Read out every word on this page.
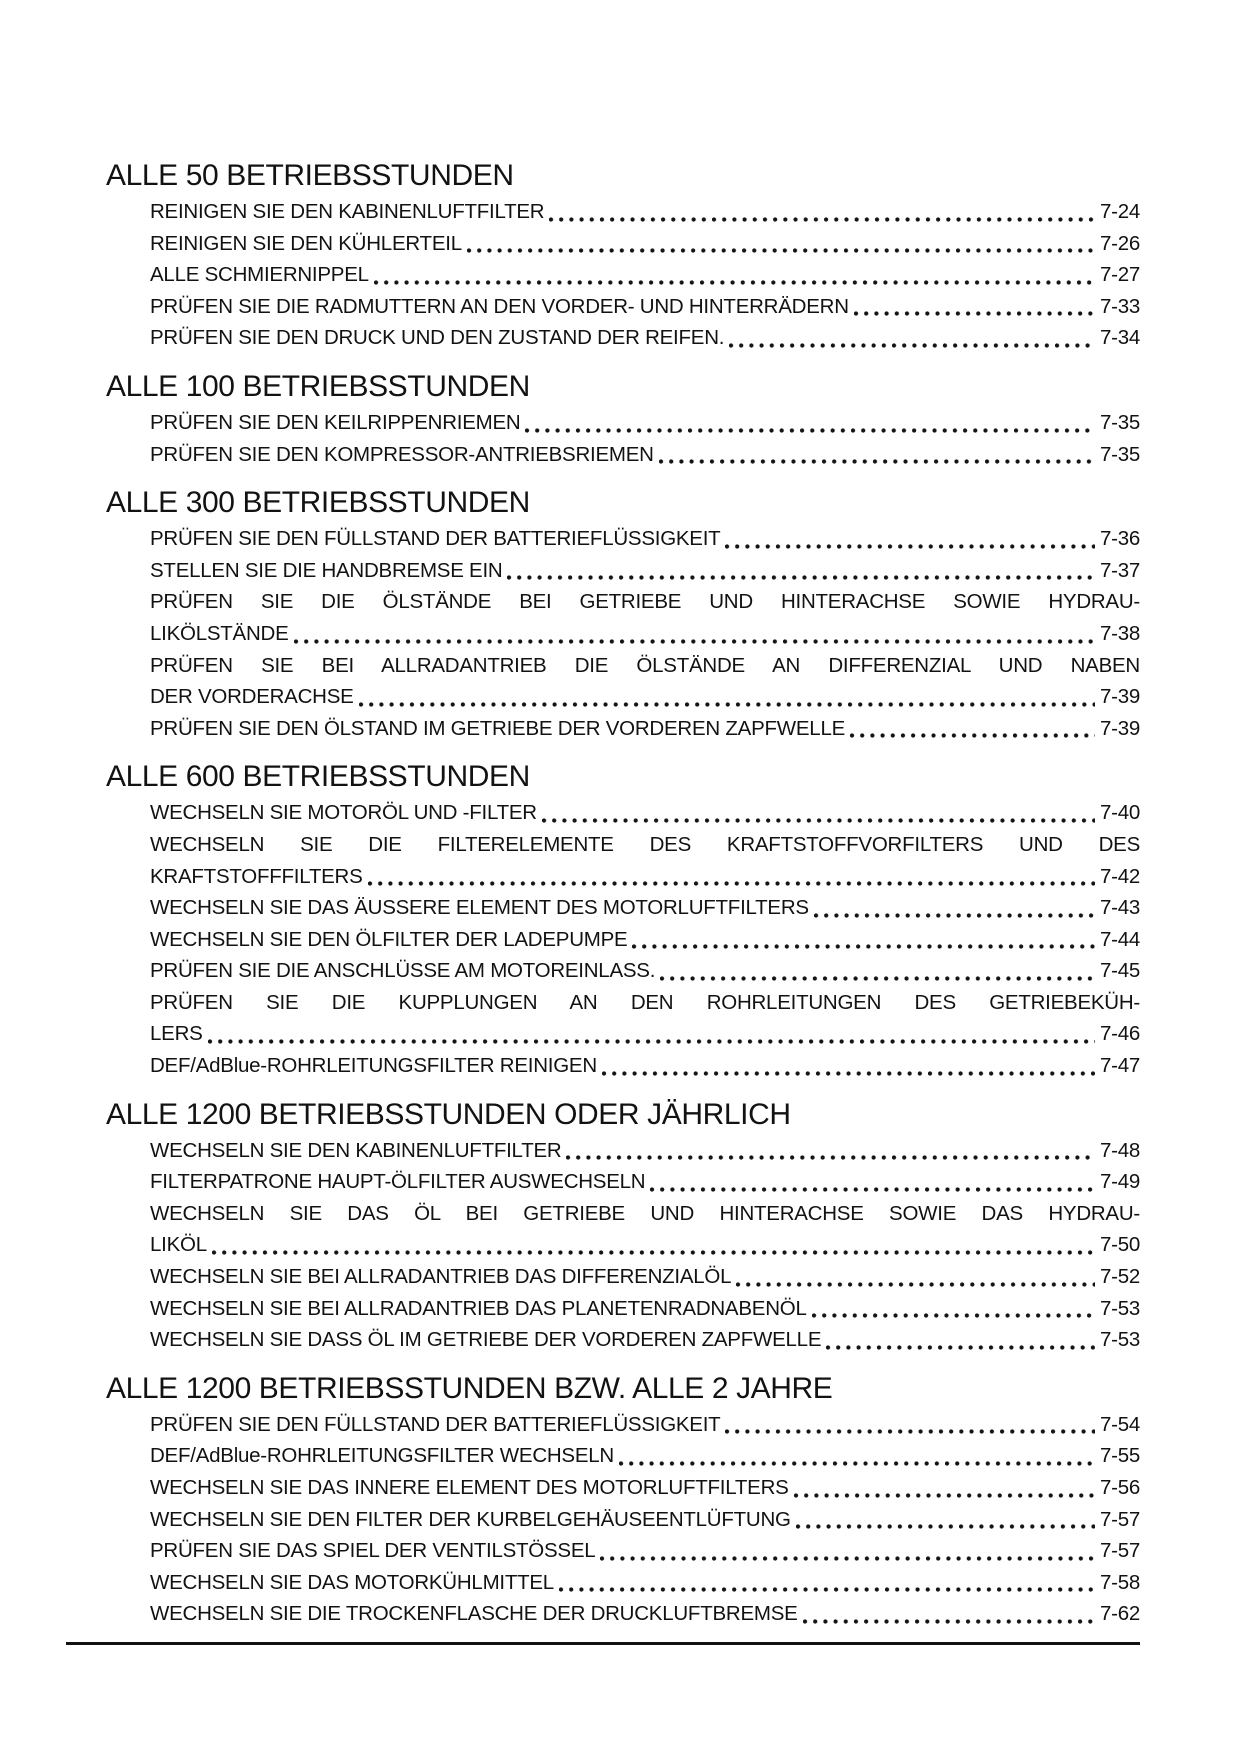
ALLE 50 BETRIEBSSTUNDEN
REINIGEN SIE DEN KABINENLUFTFILTER	7-24
REINIGEN SIE DEN KÜHLERTEIL	7-26
ALLE SCHMIERNIPPEL	7-27
PRÜFEN SIE DIE RADMUTTERN AN DEN VORDER- UND HINTERRÄDERN	7-33
PRÜFEN SIE DEN DRUCK UND DEN ZUSTAND DER REIFEN.	7-34
ALLE 100 BETRIEBSSTUNDEN
PRÜFEN SIE DEN KEILRIPPENRIEMEN	7-35
PRÜFEN SIE DEN KOMPRESSOR-ANTRIEBSRIEMEN	7-35
ALLE 300 BETRIEBSSTUNDEN
PRÜFEN SIE DEN FÜLLSTAND DER BATTERIEFLÜSSIGKEIT	7-36
STELLEN SIE DIE HANDBREMSE EIN	7-37
PRÜFEN SIE DIE ÖLSTÄNDE BEI GETRIEBE UND HINTERACHSE SOWIE HYDRAU-
LIKÖLSTÄNDE	7-38
PRÜFEN SIE BEI ALLRADANTRIEB DIE ÖLSTÄNDE AN DIFFERENZIAL UND NABEN
DER VORDERACHSE	7-39
PRÜFEN SIE DEN ÖLSTAND IM GETRIEBE DER VORDEREN ZAPFWELLE	7-39
ALLE 600 BETRIEBSSTUNDEN
WECHSELN SIE MOTORÖL UND -FILTER	7-40
WECHSELN SIE DIE FILTERELEMENTE DES KRAFTSTOFFVORFILTERS UND DES
KRAFTSTOFFFILTERS	7-42
WECHSELN SIE DAS ÄUSSERE ELEMENT DES MOTORLUFTFILTERS	7-43
WECHSELN SIE DEN ÖLFILTER DER LADEPUMPE	7-44
PRÜFEN SIE DIE ANSCHLÜSSE AM MOTOREINLASS.	7-45
PRÜFEN SIE DIE KUPPLUNGEN AN DEN ROHRLEITUNGEN DES GETRIEBEKÜH-
LERS	7-46
DEF/AdBlue-ROHRLEITUNGSFILTER REINIGEN	7-47
ALLE 1200 BETRIEBSSTUNDEN ODER JÄHRLICH
WECHSELN SIE DEN KABINENLUFTFILTER	7-48
FILTERPATRONE HAUPT-ÖLFILTER AUSWECHSELN	7-49
WECHSELN SIE DAS ÖL BEI GETRIEBE UND HINTERACHSE SOWIE DAS HYDRAU-
LIKÖL	7-50
WECHSELN SIE BEI ALLRADANTRIEB DAS DIFFERENZIALÖL	7-52
WECHSELN SIE BEI ALLRADANTRIEB DAS PLANETENRADNABENÖL	7-53
WECHSELN SIE DASS ÖL IM GETRIEBE DER VORDEREN ZAPFWELLE	7-53
ALLE 1200 BETRIEBSSTUNDEN BZW. ALLE 2 JAHRE
PRÜFEN SIE DEN FÜLLSTAND DER BATTERIEFLÜSSIGKEIT	7-54
DEF/AdBlue-ROHRLEITUNGSFILTER WECHSELN	7-55
WECHSELN SIE DAS INNERE ELEMENT DES MOTORLUFTFILTERS	7-56
WECHSELN SIE DEN FILTER DER KURBELGEHÄUSEENTLÜFTUNG	7-57
PRÜFEN SIE DAS SPIEL DER VENTILSTÖSSEL	7-57
WECHSELN SIE DAS MOTORKÜHLMITTEL	7-58
WECHSELN SIE DIE TROCKENFLASCHE DER DRUCKLUFTBREMSE	7-62
